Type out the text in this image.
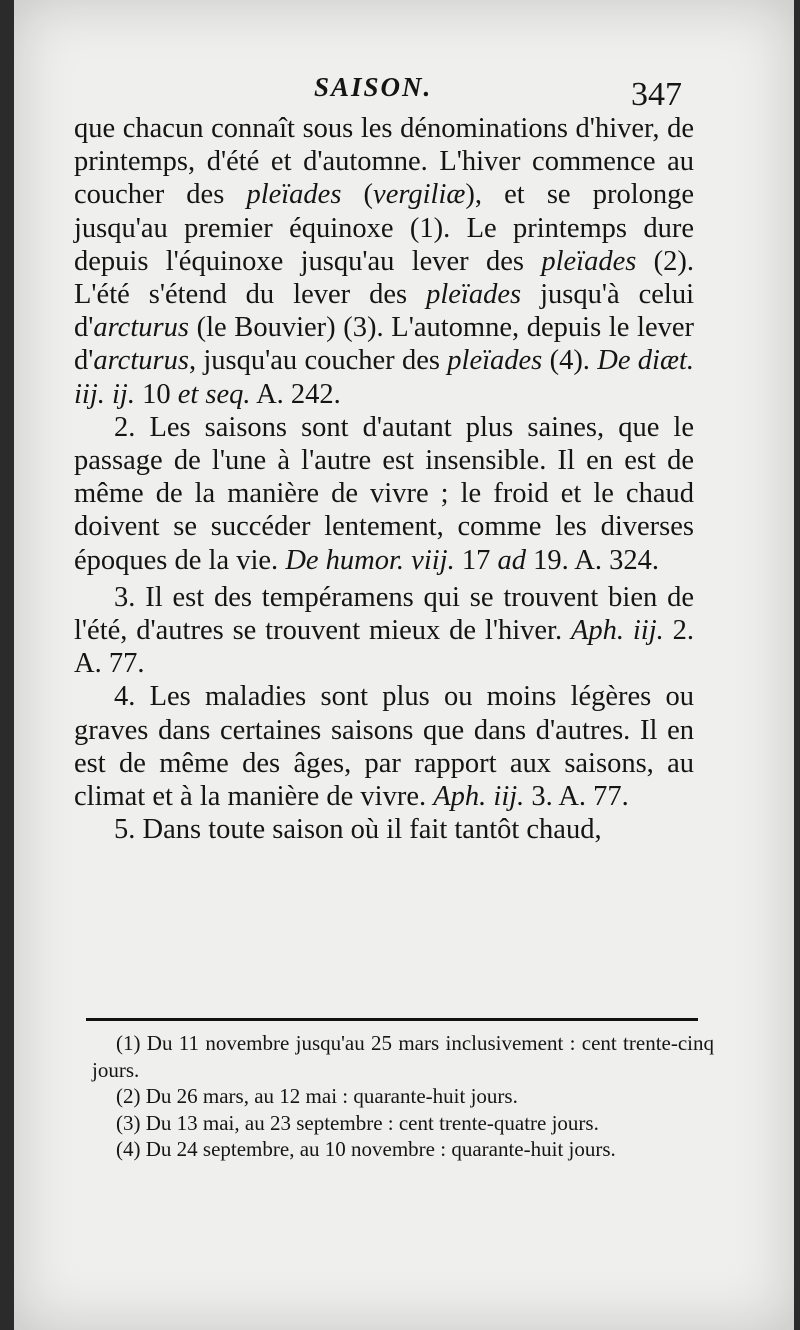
SAISON.	347

que chacun connaît sous les dénominations d'hiver, de printemps, d'été et d'automne. L'hiver commence au coucher des pleïades (vergiliæ), et se prolonge jusqu'au premier équinoxe (1). Le printemps dure depuis l'équinoxe jusqu'au lever des pleïades (2). L'été s'étend du lever des pleïades jusqu'à celui d'arcturus (le Bouvier) (3). L'automne, depuis le lever d'arcturus, jusqu'au coucher des pleïades (4). De diæt. iij. ij. 10 et seq. A. 242.

2. Les saisons sont d'autant plus saines, que le passage de l'une à l'autre est insensible. Il en est de même de la manière de vivre ; le froid et le chaud doivent se succéder lentement, comme les diverses époques de la vie. De humor. viij. 17 ad 19. A. 324.

3. Il est des tempéramens qui se trouvent bien de l'été, d'autres se trouvent mieux de l'hiver. Aph. iij. 2. A. 77.

4. Les maladies sont plus ou moins légères ou graves dans certaines saisons que dans d'autres. Il en est de même des âges, par rapport aux saisons, au climat et à la manière de vivre. Aph. iij. 3. A. 77.

5. Dans toute saison où il fait tantôt chaud,

(1) Du 11 novembre jusqu'au 25 mars inclusivement : cent trente-cinq jours.

(2) Du 26 mars, au 12 mai : quarante-huit jours.

(3) Du 13 mai, au 23 septembre : cent trente-quatre jours.

(4) Du 24 septembre, au 10 novembre : quarante-huit jours.
